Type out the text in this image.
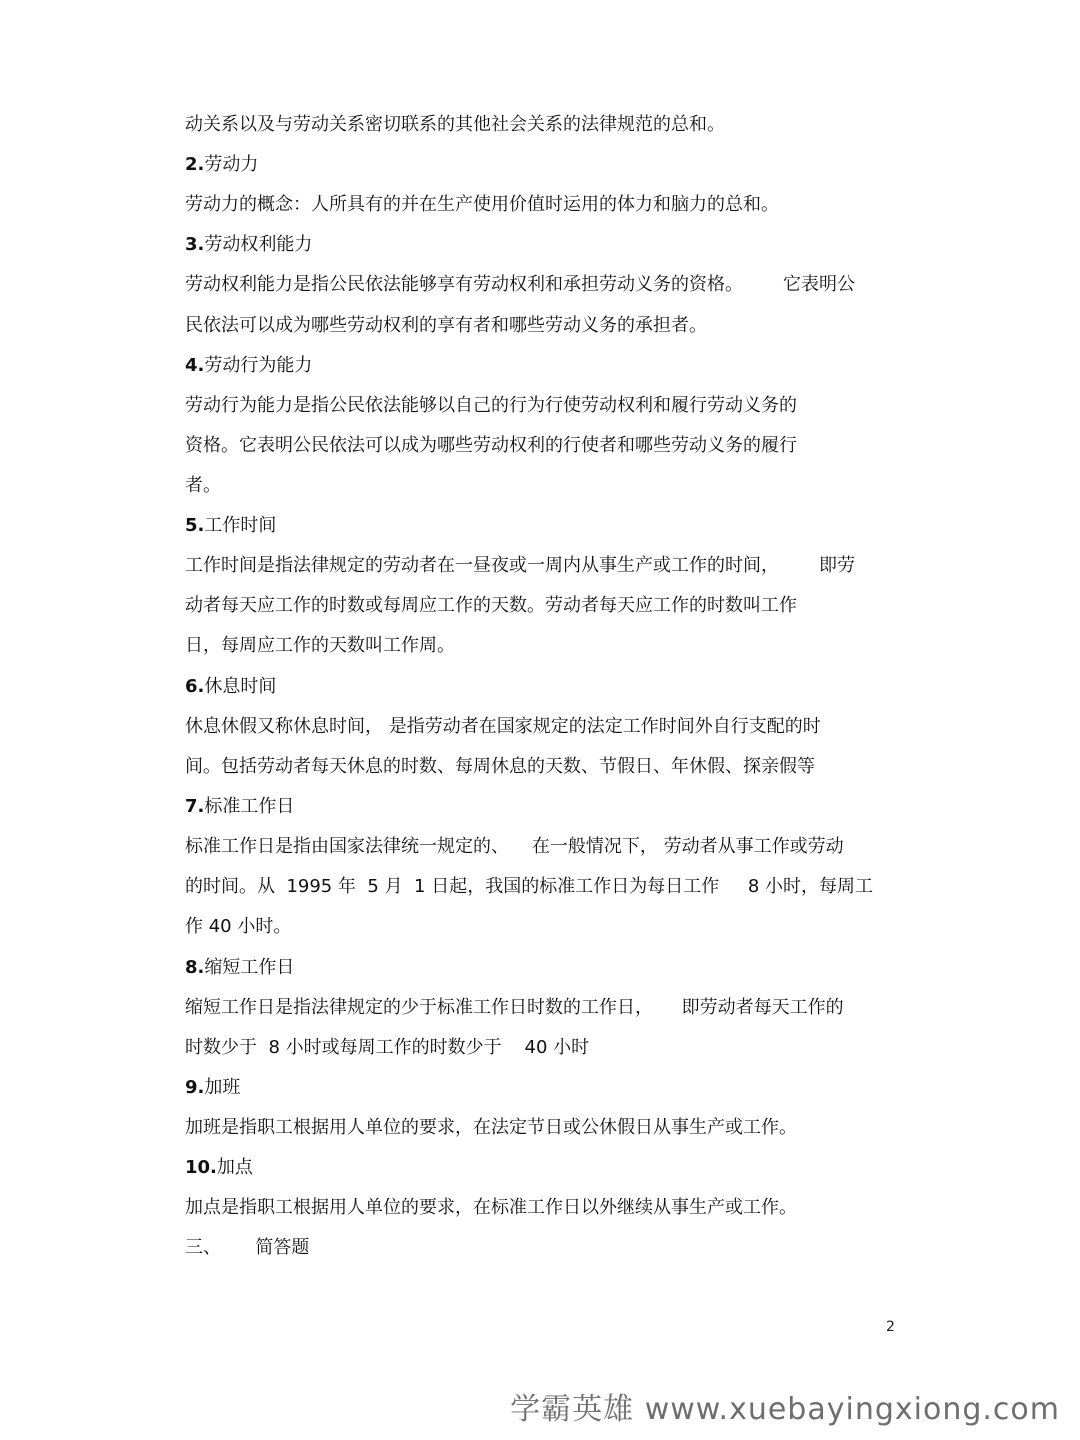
动关系以及与劳动关系密切联系的其他社会关系的法律规范的总和。

2.劳动力

劳动力的概念：人所具有的并在生产使用价值时运用的体力和脑力的总和。

3.劳动权利能力

劳动权利能力是指公民依法能够享有劳动权利和承担劳动义务的资格。       它表明公

民依法可以成为哪些劳动权利的享有者和哪些劳动义务的承担者。

4.劳动行为能力

劳动行为能力是指公民依法能够以自己的行为行使劳动权利和履行劳动义务的

资格。它表明公民依法可以成为哪些劳动权利的行使者和哪些劳动义务的履行

者。

5.工作时间

工作时间是指法律规定的劳动者在一昼夜或一周内从事生产或工作的时间，       即劳

动者每天应工作的时数或每周应工作的天数。劳动者每天应工作的时数叫工作

日，每周应工作的天数叫工作周。

6.休息时间

休息休假又称休息时间， 是指劳动者在国家规定的法定工作时间外自行支配的时

间。包括劳动者每天休息的时数、每周休息的天数、节假日、年休假、探亲假等

7.标准工作日

标准工作日是指由国家法律统一规定的、    在一般情况下， 劳动者从事工作或劳动

的时间。从  1995 年  5 月  1 日起，我国的标准工作日为每日工作     8 小时，每周工

作 40 小时。

8.缩短工作日

缩短工作日是指法律规定的少于标准工作日时数的工作日，     即劳动者每天工作的

时数少于  8 小时或每周工作的时数少于    40 小时

9.加班

加班是指职工根据用人单位的要求，在法定节日或公休假日从事生产或工作。

10.加点

加点是指职工根据用人单位的要求，在标准工作日以外继续从事生产或工作。

三、      简答题

2
学霸英雄 www.xuebayingxiong.com
